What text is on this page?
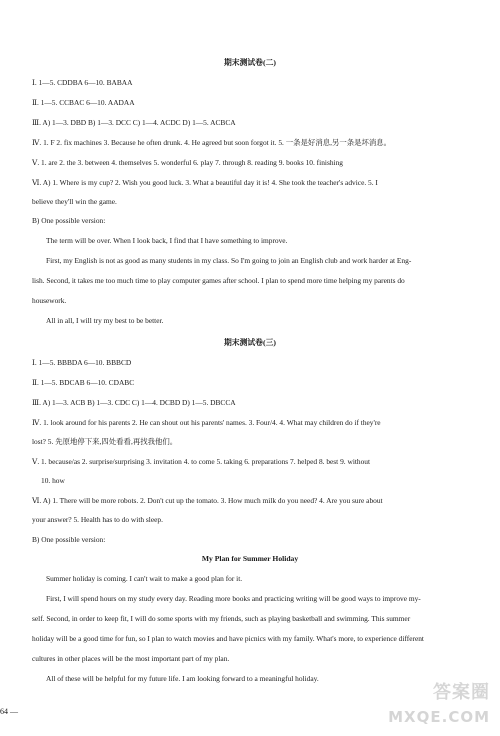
期末测试卷(二)
Ⅰ. 1—5. CDDBA 6—10. BABAA
Ⅱ. 1—5. CCBAC 6—10. AADAA
Ⅲ. A) 1—3. DBD B) 1—3. DCC C) 1—4. ACDC D) 1—5. ACBCA
Ⅳ. 1. F 2. fix machines 3. Because he often drunk. 4. He agreed but soon forgot it. 5. 一条是好消息,另一条是坏消息。
Ⅴ. 1. are 2. the 3. between 4. themselves 5. wonderful 6. play 7. through 8. reading 9. books 10. finishing
Ⅵ. A) 1. Where is my cup? 2. Wish you good luck. 3. What a beautiful day it is! 4. She took the teacher's advice. 5. I
believe they'll win the game.
B) One possible version:
The term will be over. When I look back, I find that I have something to improve.
First, my English is not as good as many students in my class. So I'm going to join an English club and work harder at Eng-
lish. Second, it takes me too much time to play computer games after school. I plan to spend more time helping my parents do
housework.
All in all, I will try my best to be better.
期末测试卷(三)
Ⅰ. 1—5. BBBDA 6—10. BBBCD
Ⅱ. 1—5. BDCAB 6—10. CDABC
Ⅲ. A) 1—3. ACB B) 1—3. CDC C) 1—4. DCBD D) 1—5. DBCCA
Ⅳ. 1. look around for his parents 2. He can shout out his parents' names. 3. Four/4. 4. What may children do if they're
lost? 5. 先原地停下来,四处看看,再找我他们。
Ⅴ. 1. because/as 2. surprise/surprising 3. invitation 4. to come 5. taking 6. preparations 7. helped 8. best 9. without
10. how
Ⅵ. A) 1. There will be more robots. 2. Don't cut up the tomato. 3. How much milk do you need? 4. Are you sure about
your answer? 5. Health has to do with sleep.
B) One possible version:
My Plan for Summer Holiday
Summer holiday is coming. I can't wait to make a good plan for it.
First, I will spend hours on my study every day. Reading more books and practicing writing will be good ways to improve my-
self. Second, in order to keep fit, I will do some sports with my friends, such as playing basketball and swimming. This summer
holiday will be a good time for fun, so I plan to watch movies and have picnics with my family. What's more, to experience different
cultures in other places will be the most important part of my plan.
All of these will be helpful for my future life. I am looking forward to a meaningful holiday.
64 —
答案圈
MXQE.COM
